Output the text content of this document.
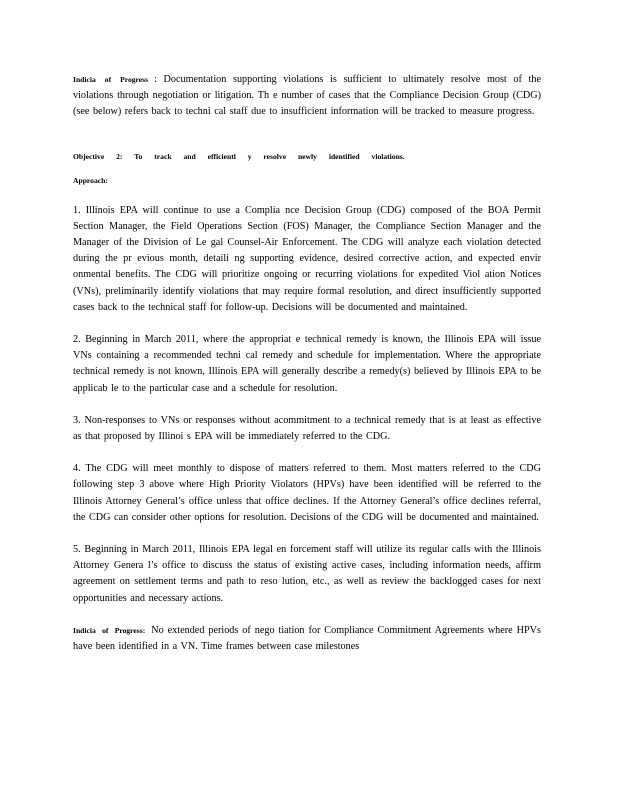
Indicia of Progress : Documentation supporting violations is sufficient to ultimately resolve most of the violations through negotiation or litigation. Th e number of cases that the Compliance Decision Group (CDG) (see below) refers back to techni cal staff due to insufficient information will be tracked to measure progress.

Objective 2: To track and efficientl y resolve newly identified violations.

Approach:

1. Illinois EPA will continue to use a Complia nce Decision Group (CDG) composed of the BOA Permit Section Manager, the Field Operations Section (FOS) Manager, the Compliance Section Manager and the Manager of the Division of Le gal Counsel-Air Enforcement. The CDG will analyze each violation detected during the pr evious month, detaili ng supporting evidence, desired corrective action, and expected envir onmental benefits. The CDG will prioritize ongoing or recurring violations for expedited Viol ation Notices (VNs), preliminarily identify violations that may require formal resolution, and direct insufficiently supported cases back to the technical staff for follow-up. Decisions will be documented and maintained.

2. Beginning in March 2011, where the appropriat e technical remedy is known, the Illinois EPA will issue VNs containing a recommended techni cal remedy and schedule for implementation. Where the appropriate technical remedy is not known, Illinois EPA will generally describe a remedy(s) believed by Illinois EPA to be applicab le to the particular case and a schedule for resolution.

3. Non-responses to VNs or responses without acommitment to a technical remedy that is at least as effective as that proposed by Illinoi s EPA will be immediately referred to the CDG.

4. The CDG will meet monthly to dispose of matters referred to them. Most matters referred to the CDG following step 3 above where High Priority Violators (HPVs) have been identified will be referred to the Illinois Attorney General’s office unless that office declines. If the Attorney General’s office declines referral, the CDG can consider other options for resolution. Decisions of the CDG will be documented and maintained.

5. Beginning in March 2011, Illinois EPA legal en forcement staff will utilize its regular calls with the Illinois Attorney Genera l’s office to discuss the status of existing active cases, including information needs, affirm agreement on settlement terms and path to reso lution, etc., as well as review the backlogged cases for next opportunities and necessary actions.

Indicia of Progress: No extended periods of nego tiation for Compliance Commitment Agreements where HPVs have been identified in a VN. Time frames between case milestones
